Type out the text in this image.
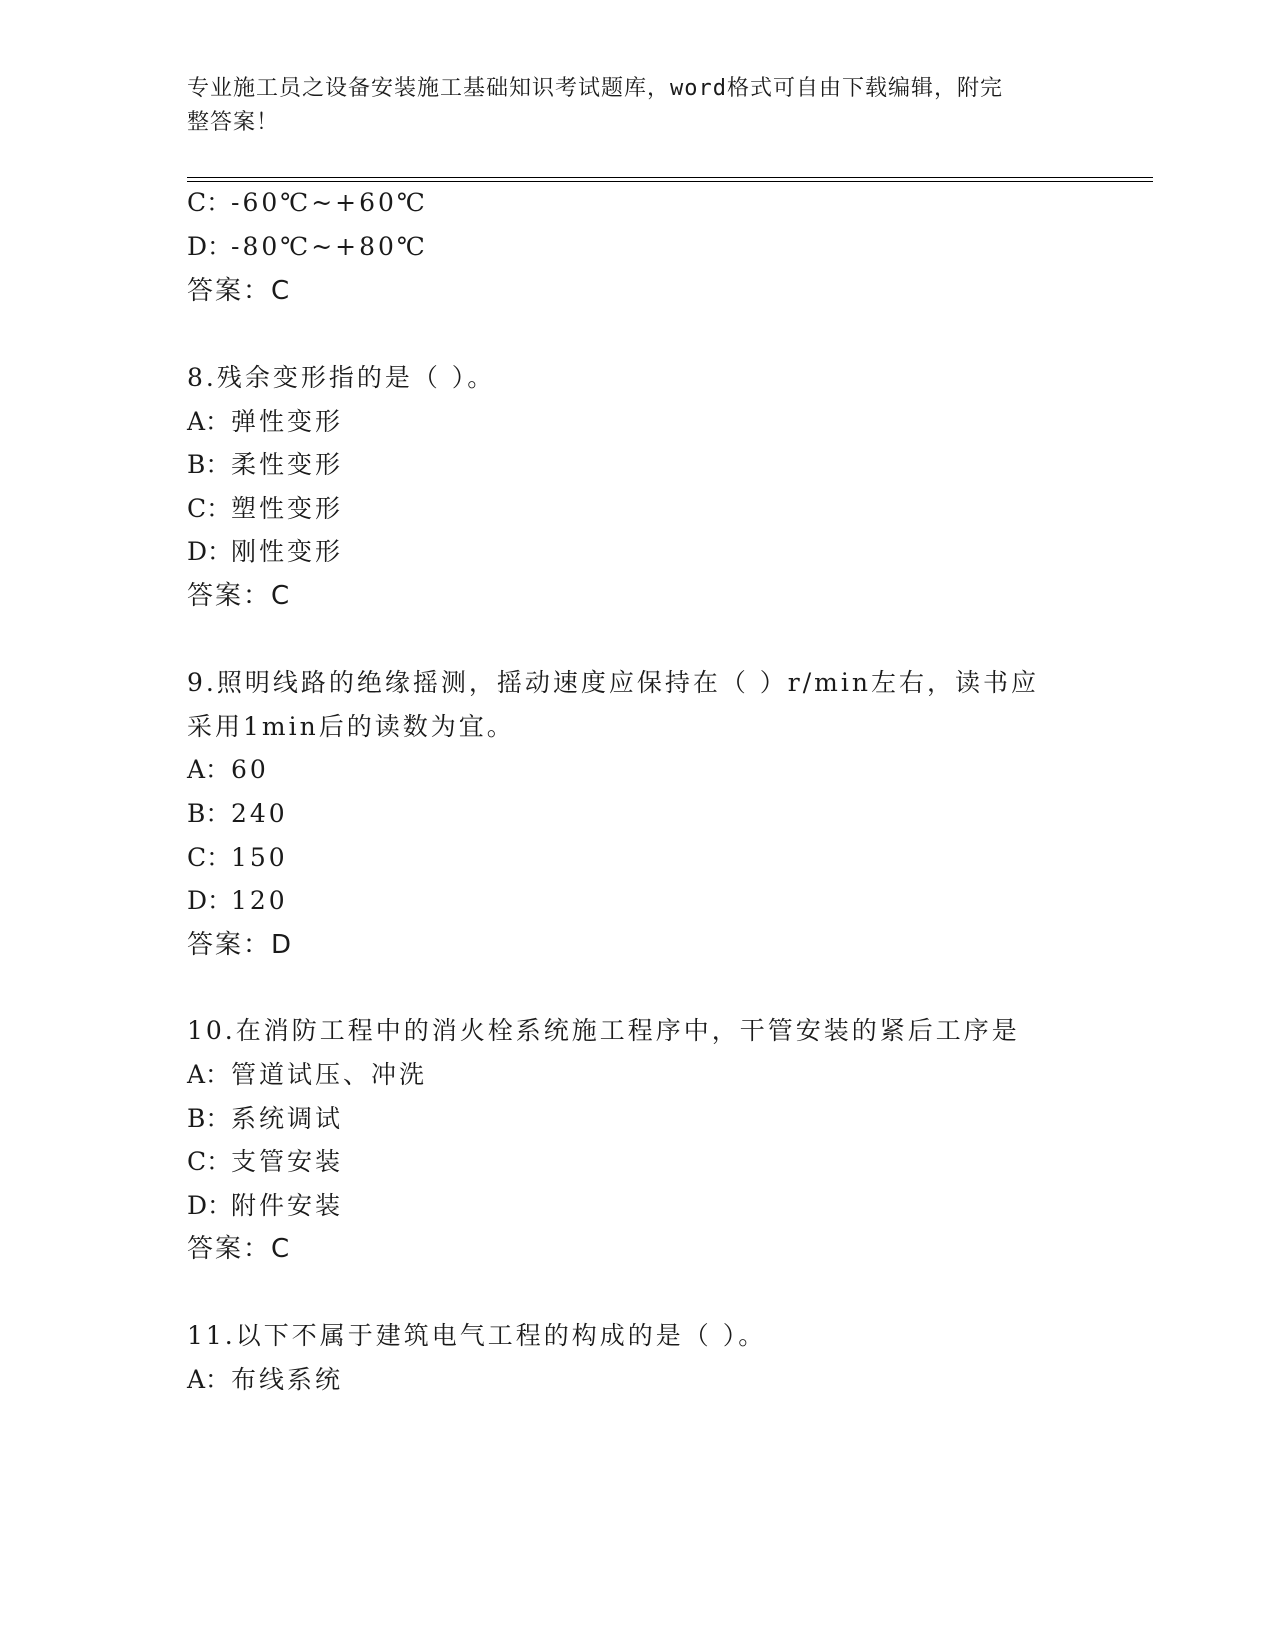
专业施工员之设备安装施工基础知识考试题库，word格式可自由下载编辑，附完
整答案！
C：-60℃~+60℃
D：-80℃~+80℃
答案：C
8.残余变形指的是（ ）。
A：弹性变形
B：柔性变形
C：塑性变形
D：刚性变形
答案：C
9.照明线路的绝缘摇测，摇动速度应保持在（ ）r/min左右，读书应
采用1min后的读数为宜。
A：60
B：240
C：150
D：120
答案：D
10.在消防工程中的消火栓系统施工程序中，干管安装的紧后工序是
A：管道试压、冲洗
B：系统调试
C：支管安装
D：附件安装
答案：C
11.以下不属于建筑电气工程的构成的是（ ）。
A：布线系统
